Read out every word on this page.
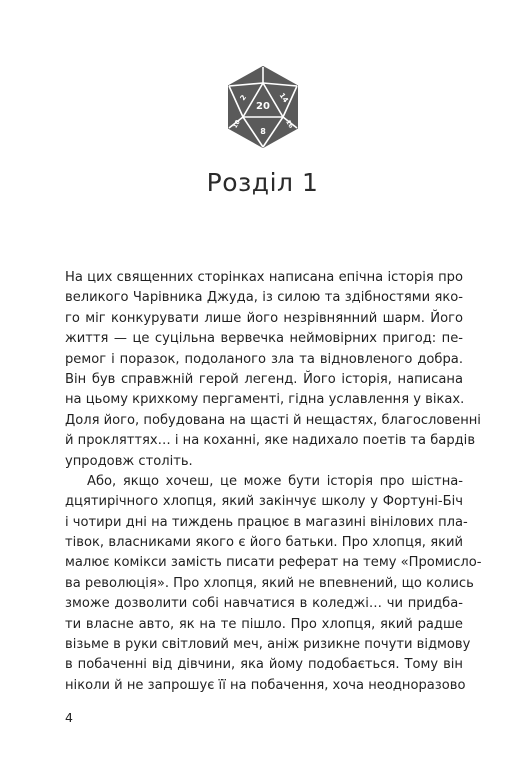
20
2	14
8
10	16
Розділ 1
На цих священних сторінках написана епічна історія про
великого Чарівника Джуда, із силою та здібностями яко-
го міг конкурувати лише його незрівнянний шарм. Його
життя — це суцільна вервечка неймовірних пригод: пе-
ремог і поразок, подоланого зла та відновленого добра.
Він був справжній герой легенд. Його історія, написана
на цьому крихкому пергаменті, гідна уславлення у віках.
Доля його, побудована на щасті й нещастях, благословенні
й прокляттях… і на коханні, яке надихало поетів та бардів
упродовж століть.
Або, якщо хочеш, це може бути історія про шістна-
дцятирічного хлопця, який закінчує школу у Фортуні-Біч
і чотири дні на тиждень працює в магазині вінілових пла-
тівок, власниками якого є його батьки. Про хлопця, який
малює комікси замість писати реферат на тему «Промисло-
ва революція». Про хлопця, який не впевнений, що колись
зможе дозволити собі навчатися в коледжі… чи придба-
ти власне авто, як на те пішло. Про хлопця, який радше
візьме в руки світловий меч, аніж ризикне почути відмову
в побаченні від дівчини, яка йому подобається. Тому він
ніколи й не запрошує її на побачення, хоча неодноразово
4
